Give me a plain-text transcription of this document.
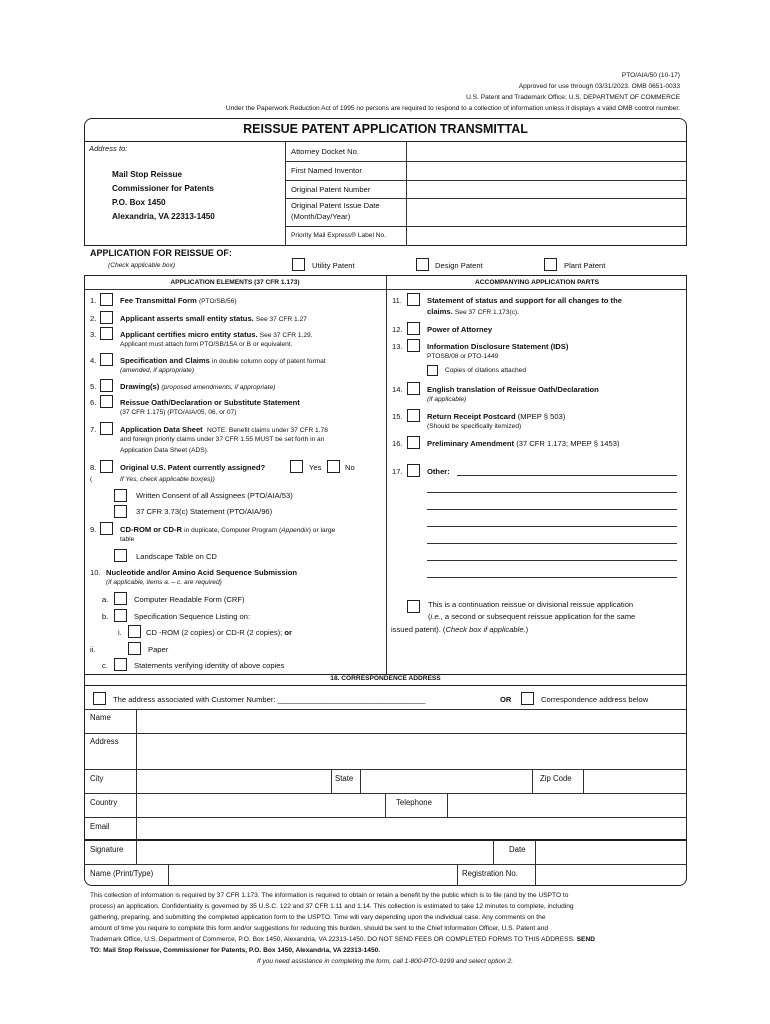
PTO/AIA/50 (10-17)
Approved for use through 03/31/2023. OMB 0651-0033
U.S. Patent and Trademark Office; U.S. DEPARTMENT OF COMMERCE
Under the Paperwork Reduction Act of 1995 no persons are required to respond to a collection of information unless it displays a valid OMB control number.
REISSUE PATENT APPLICATION TRANSMITTAL
Address to:
Mail Stop Reissue
Commissioner for Patents
P.O. Box 1450
Alexandria, VA 22313-1450
Attorney Docket No.
First Named Inventor
Original Patent Number
Original Patent Issue Date
(Month/Day/Year)
Priority Mail Express® Label No.
APPLICATION FOR REISSUE OF:
(Check applicable box)	Utility Patent	Design Patent	Plant Patent
APPLICATION ELEMENTS (37 CFR 1.173)	ACCOMPANYING APPLICATION PARTS
1.	Fee Transmittal Form (PTO/SB/56)
2.	Applicant asserts small entity status. See 37 CFR 1.27
3.	Applicant certifies micro entity status. See 37 CFR 1.29.
Applicant must attach form PTO/SB/15A or B or equivalent.
4.	Specification and Claims in double column copy of patent format
(amended, if appropriate)
5.	Drawing(s) (proposed amendments, if appropriate)
6.	Reissue Oath/Declaration or Substitute Statement
(37 CFR 1.175) (PTO/AIA/05, 06, or 07)
7.	Application Data Sheet NOTE: Benefit claims under 37 CFR 1.78
and foreign priority claims under 37 CFR 1.55 MUST be set forth in an
Application Data Sheet (ADS).
8.	Original U.S. Patent currently assigned?	Yes	No
(	If Yes, check applicable box(es))
Written Consent of all Assignees (PTO/AIA/53)
37 CFR 3.73(c) Statement (PTO/AIA/96)
9.	CD-ROM or CD-R in duplicate, Computer Program (Appendix) or large
table
Landscape Table on CD
10. Nucleotide and/or Amino Acid Sequence Submission
(if applicable, items a. – c. are required)
a.	Computer Readable Form (CRF)
b.	Specification Sequence Listing on:
i.	CD -ROM (2 copies) or CD-R (2 copies); or
ii.	Paper
c.	Statements verifying identity of above copies
11.	Statement of status and support for all changes to the
claims. See 37 CFR 1.173(c).
12.	Power of Attorney
13.	Information Disclosure Statement (IDS)
PTOSB/08 or PTO-1449
Copies of citations attached
14.	English translation of Reissue Oath/Declaration
(if applicable)
15.	Return Receipt Postcard (MPEP § 503)
(Should be specifically itemized)
16.	Preliminary Amendment (37 CFR 1.173; MPEP § 1453)
17.	Other:
This is a continuation reissue or divisional reissue application
(i.e., a second or subsequent reissue application for the same
issued patent). (Check box if applicable.)
18. CORRESPONDENCE ADDRESS
The address associated with Customer Number: ___________________________________	OR	Correspondence address below
Name
Address
City	State	Zip Code
Country	Telephone
Email
Signature	Date
Name (Print/Type)	Registration No.
This collection of information is required by 37 CFR 1.173. The information is required to obtain or retain a benefit by the public which is to file (and by the USPTO to
process) an application. Confidentiality is governed by 35 U.S.C. 122 and 37 CFR 1.11 and 1.14. This collection is estimated to take 12 minutes to complete, including
gathering, preparing, and submitting the completed application form to the USPTO. Time will vary depending upon the individual case. Any comments on the
amount of time you require to complete this form and/or suggestions for reducing this burden, should be sent to the Chief Information Officer, U.S. Patent and
Trademark Office, U.S. Department of Commerce, P.O. Box 1450, Alexandria, VA 22313-1450. DO NOT SEND FEES OR COMPLETED FORMS TO THIS ADDRESS. SEND
TO: Mail Stop Reissue, Commissioner for Patents, P.O. Box 1450, Alexandria, VA 22313-1450.
If you need assistance in completing the form, call 1-800-PTO-9199 and select option 2.
